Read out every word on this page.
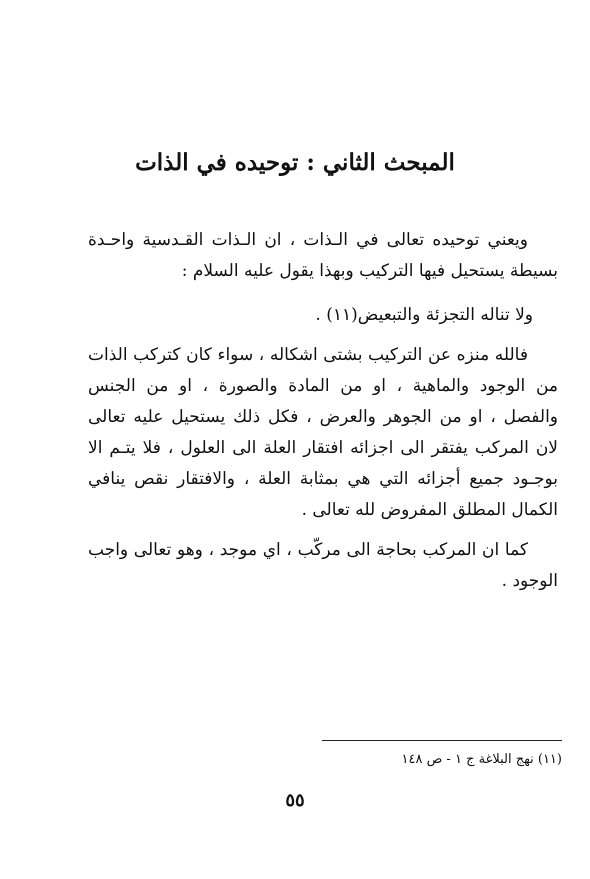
المبحث الثاني : توحيده في الذات

ويعني توحيده تعالى في الـذات ، ان الـذات القـدسية واحـدة بسيطة يستحيل فيها التركيب وبهذا يقول عليه السلام :

ولا تناله التجزئة والتبعيض(١١) .

فالله منزه عن التركيب بشتى اشكاله ، سواء كان كتركب الذات من الوجود والماهية ، او من المادة والصورة ، او من الجنس والفصل ، او من الجوهر والعرض ، فكل ذلك يستحيل عليه تعالى لان المركب يفتقر الى اجزائه افتقار العلة الى العلول ، فلا يتـم الا بوجـود جميع أجزائه التي هي بمثابة العلة ، والافتقار نقص ينافي الكمال المطلق المفروض لله تعالى .

كما ان المركب بحاجة الى مركّب ، اي موجد ، وهو تعالى واجب الوجود .

(١١) نهج البلاغة ج ١ - ص ١٤٨
٥٥
